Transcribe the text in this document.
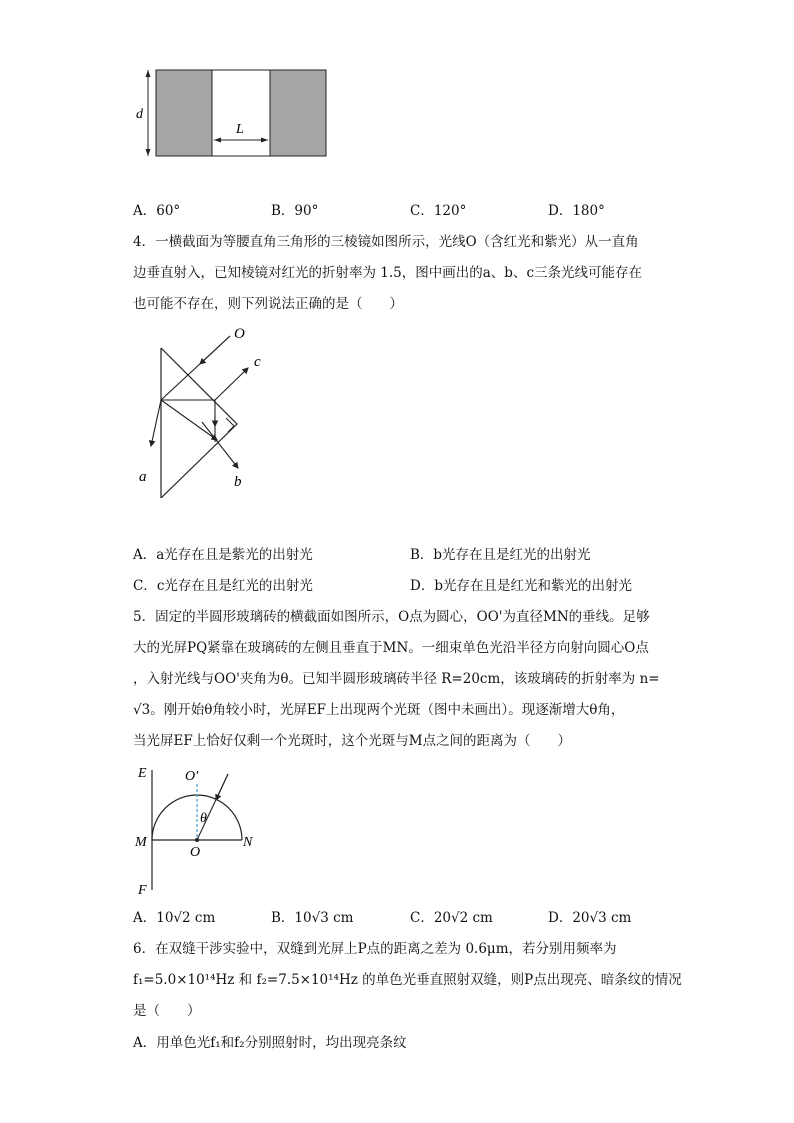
d
L
A．60°	B．90°	C．120°	D．180°
4．一横截面为等腰直角三角形的三棱镜如图所示，光线O（含红光和紫光）从一直角
边垂直射入，已知棱镜对红光的折射率为 1.5，图中画出的a、b、c三条光线可能存在
也可能不存在，则下列说法正确的是（　　）
O
c
a	b
A．a光存在且是紫光的出射光	B．b光存在且是红光的出射光
C．c光存在且是红光的出射光	D．b光存在且是红光和紫光的出射光
5．固定的半圆形玻璃砖的横截面如图所示，O点为圆心，OO'为直径MN的垂线。足够
大的光屏PQ紧靠在玻璃砖的左侧且垂直于MN。一细束单色光沿半径方向射向圆心O点
，入射光线与OO'夹角为θ。已知半圆形玻璃砖半径 R=20cm，该玻璃砖的折射率为 n=
√3。刚开始θ角较小时，光屏EF上出现两个光斑（图中未画出）。现逐渐增大θ角，
当光屏EF上恰好仅剩一个光斑时，这个光斑与M点之间的距离为（　　）
E	O'
θ
M	N
O
F
A．10√2 cm	B．10√3 cm	C．20√2 cm	D．20√3 cm
6．在双缝干涉实验中，双缝到光屏上P点的距离之差为 0.6μm，若分别用频率为
f₁=5.0×10¹⁴Hz 和 f₂=7.5×10¹⁴Hz 的单色光垂直照射双缝，则P点出现亮、暗条纹的情况
是（　　）
A．用单色光f₁和f₂分别照射时，均出现亮条纹
